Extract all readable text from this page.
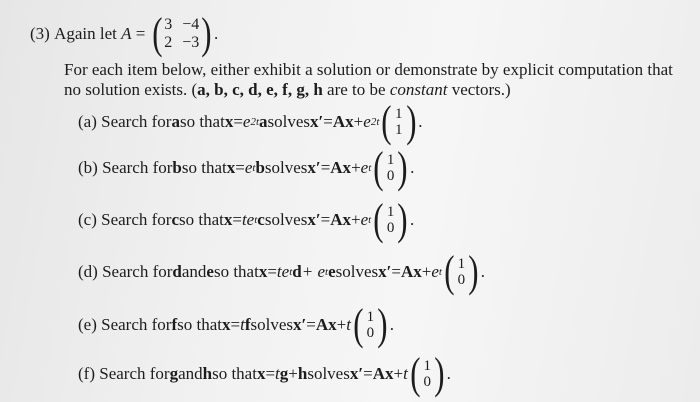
(3)
Again let
A = ( 3 −4
2 −3 ) .
For each item below, either exhibit a solution or demonstrate by explicit computation that
no solution exists. (a, b, c, d, e, f, g, h are to be constant vectors.)
(a) Search for a so that x = e 2t a solves x′ = Ax + e 2t ( 1
1 ) .
(b) Search for b so that x = e t b solves x′ = Ax + e t ( 1
0 ) .
(c) Search for c so that x = te t c solves x′ = Ax + e t ( 1
0 ) .
(d) Search for d and e so that x = te t d + e t e solves x′ = Ax + e t ( 1
0 ) .
(e) Search for f so that x = t f solves x′ = Ax + t ( 1
0 ) .
(f) Search for g and h so that x = t g + h solves x′ = Ax + t ( 1
0 ) .
